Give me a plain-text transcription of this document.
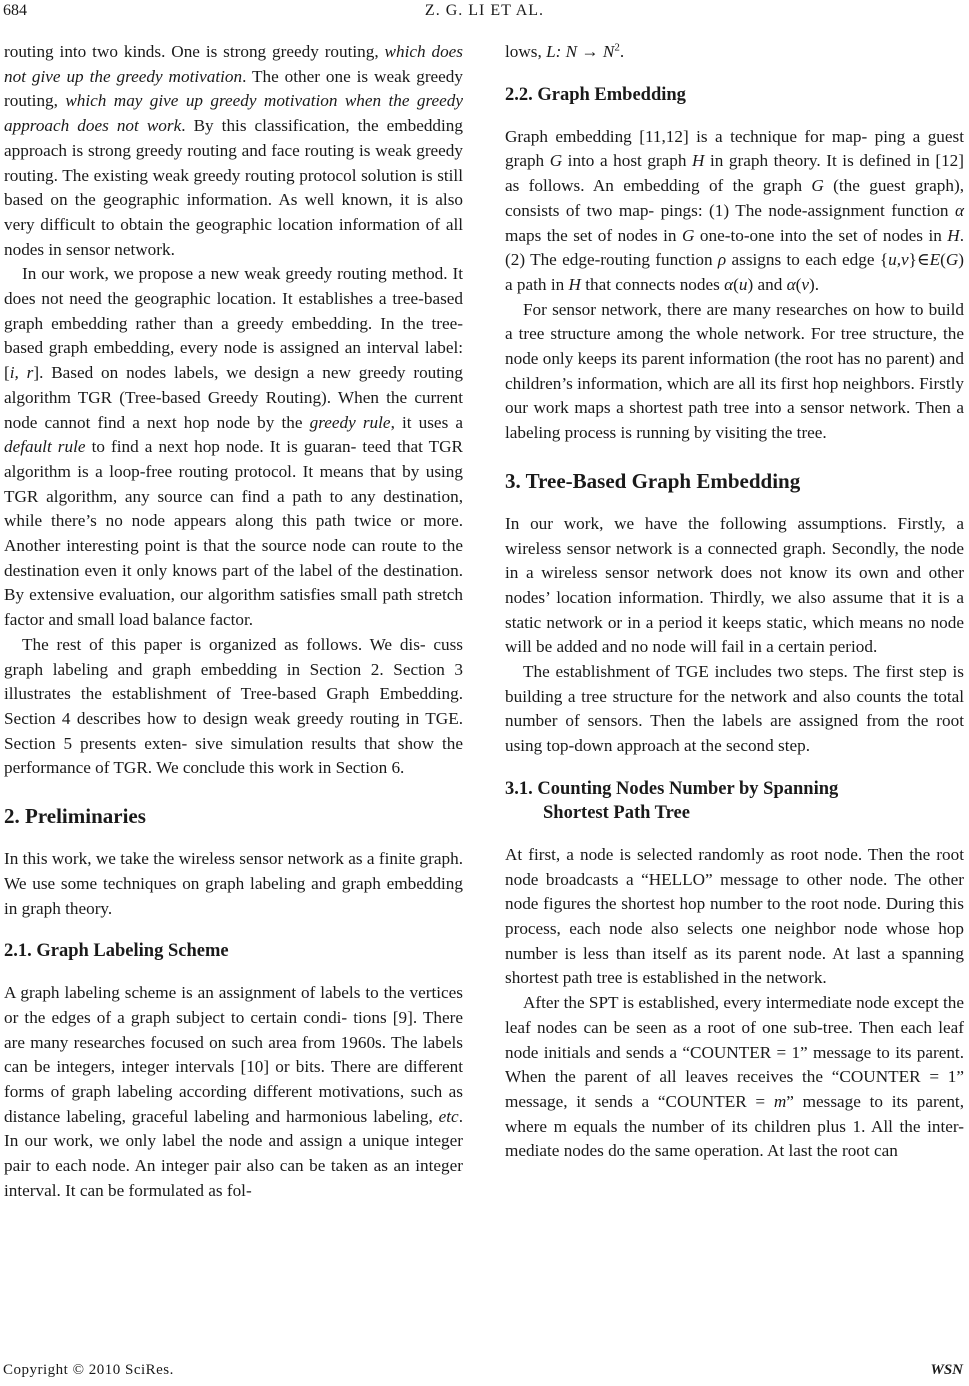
684	Z. G. LI ET AL.

routing into two kinds. One is strong greedy routing, which does not give up the greedy motivation. The other one is weak greedy routing, which may give up greedy motivation when the greedy approach does not work. By this classification, the embedding approach is strong greedy routing and face routing is weak greedy routing. The existing weak greedy routing protocol solution is still based on the geographic information. As well known, it is also very difficult to obtain the geographic location information of all nodes in sensor network.

In our work, we propose a new weak greedy routing method. It does not need the geographic location. It establishes a tree-based graph embedding rather than a greedy embedding. In the tree-based graph embedding, every node is assigned an interval label: [i, r]. Based on nodes labels, we design a new greedy routing algorithm TGR (Tree-based Greedy Routing). When the current node cannot find a next hop node by the greedy rule, it uses a default rule to find a next hop node. It is guaran- teed that TGR algorithm is a loop-free routing protocol. It means that by using TGR algorithm, any source can find a path to any destination, while there’s no node appears along this path twice or more. Another interesting point is that the source node can route to the destination even it only knows part of the label of the destination. By extensive evaluation, our algorithm satisfies small path stretch factor and small load balance factor.

The rest of this paper is organized as follows. We dis- cuss graph labeling and graph embedding in Section 2. Section 3 illustrates the establishment of Tree-based Graph Embedding. Section 4 describes how to design weak greedy routing in TGE. Section 5 presents exten- sive simulation results that show the performance of TGR. We conclude this work in Section 6.

2. Preliminaries

In this work, we take the wireless sensor network as a finite graph. We use some techniques on graph labeling and graph embedding in graph theory.

2.1. Graph Labeling Scheme

A graph labeling scheme is an assignment of labels to the vertices or the edges of a graph subject to certain condi- tions [9]. There are many researches focused on such area from 1960s. The labels can be integers, integer intervals [10] or bits. There are different forms of graph labeling according different motivations, such as distance labeling, graceful labeling and harmonious labeling, etc. In our work, we only label the node and assign a unique integer pair to each node. An integer pair also can be taken as an integer interval. It can be formulated as fol-

lows, L: $N \to N^2$.

2.2. Graph Embedding

Graph embedding [11,12] is a technique for map- ping a guest graph G into a host graph H in graph theory. It is defined in [12] as follows. An embedding of the graph G (the guest graph), consists of two map- pings: (1) The node-assignment function α maps the set of nodes in G one-to-one into the set of nodes in H. (2) The edge-routing function ρ assigns to each edge {u,v}∈E(G) a path in H that connects nodes α(u) and α(v).

For sensor network, there are many researches on how to build a tree structure among the whole network. For tree structure, the node only keeps its parent information (the root has no parent) and children’s information, which are all its first hop neighbors. Firstly our work maps a shortest path tree into a sensor network. Then a labeling process is running by visiting the tree.

3. Tree-Based Graph Embedding

In our work, we have the following assumptions. Firstly, a wireless sensor network is a connected graph. Secondly, the node in a wireless sensor network does not know its own and other nodes’ location information. Thirdly, we also assume that it is a static network or in a period it keeps static, which means no node will be added and no node will fail in a certain period.

The establishment of TGE includes two steps. The first step is building a tree structure for the network and also counts the total number of sensors. Then the labels are assigned from the root using top-down approach at the second step.

3.1. Counting Nodes Number by Spanning
Shortest Path Tree

At first, a node is selected randomly as root node. Then the root node broadcasts a “HELLO” message to other node. The other node figures the shortest hop number to the root node. During this process, each node also selects one neighbor node whose hop number is less than itself as its parent node. At last a spanning shortest path tree is established in the network.

After the SPT is established, every intermediate node except the leaf nodes can be seen as a root of one sub-tree. Then each leaf node initials and sends a “COUNTER = 1” message to its parent. When the parent of all leaves receives the “COUNTER = 1” message, it sends a “COUNTER = m” message to its parent, where m equals the number of its children plus 1. All the inter- mediate nodes do the same operation. At last the root can

Copyright © 2010 SciRes.	WSN
